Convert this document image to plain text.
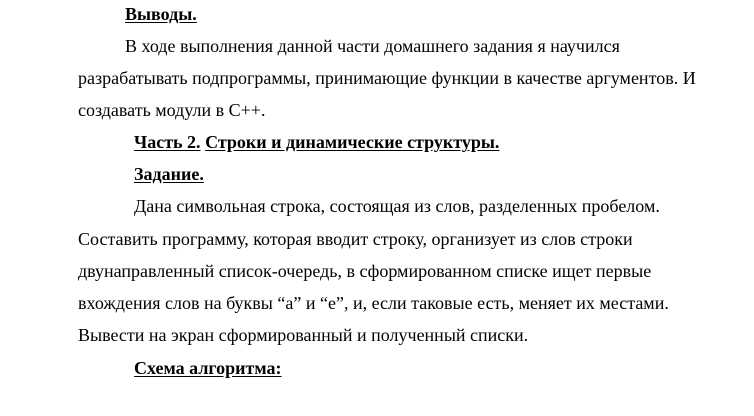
Выводы.
В ходе выполнения данной части домашнего задания я научился
разрабатывать подпрограммы, принимающие функции в качестве аргументов. И
создавать модули в С++.
Часть 2. Строки и динамические структуры.
Задание.
Дана символьная строка, состоящая из слов, разделенных пробелом.
Составить программу, которая вводит строку, организует из слов строки
двунаправленный список-очередь, в сформированном списке ищет первые
вхождения слов на буквы “а” и “е”, и, если таковые есть, меняет их местами.
Вывести на экран сформированный и полученный списки.
Схема алгоритма:
